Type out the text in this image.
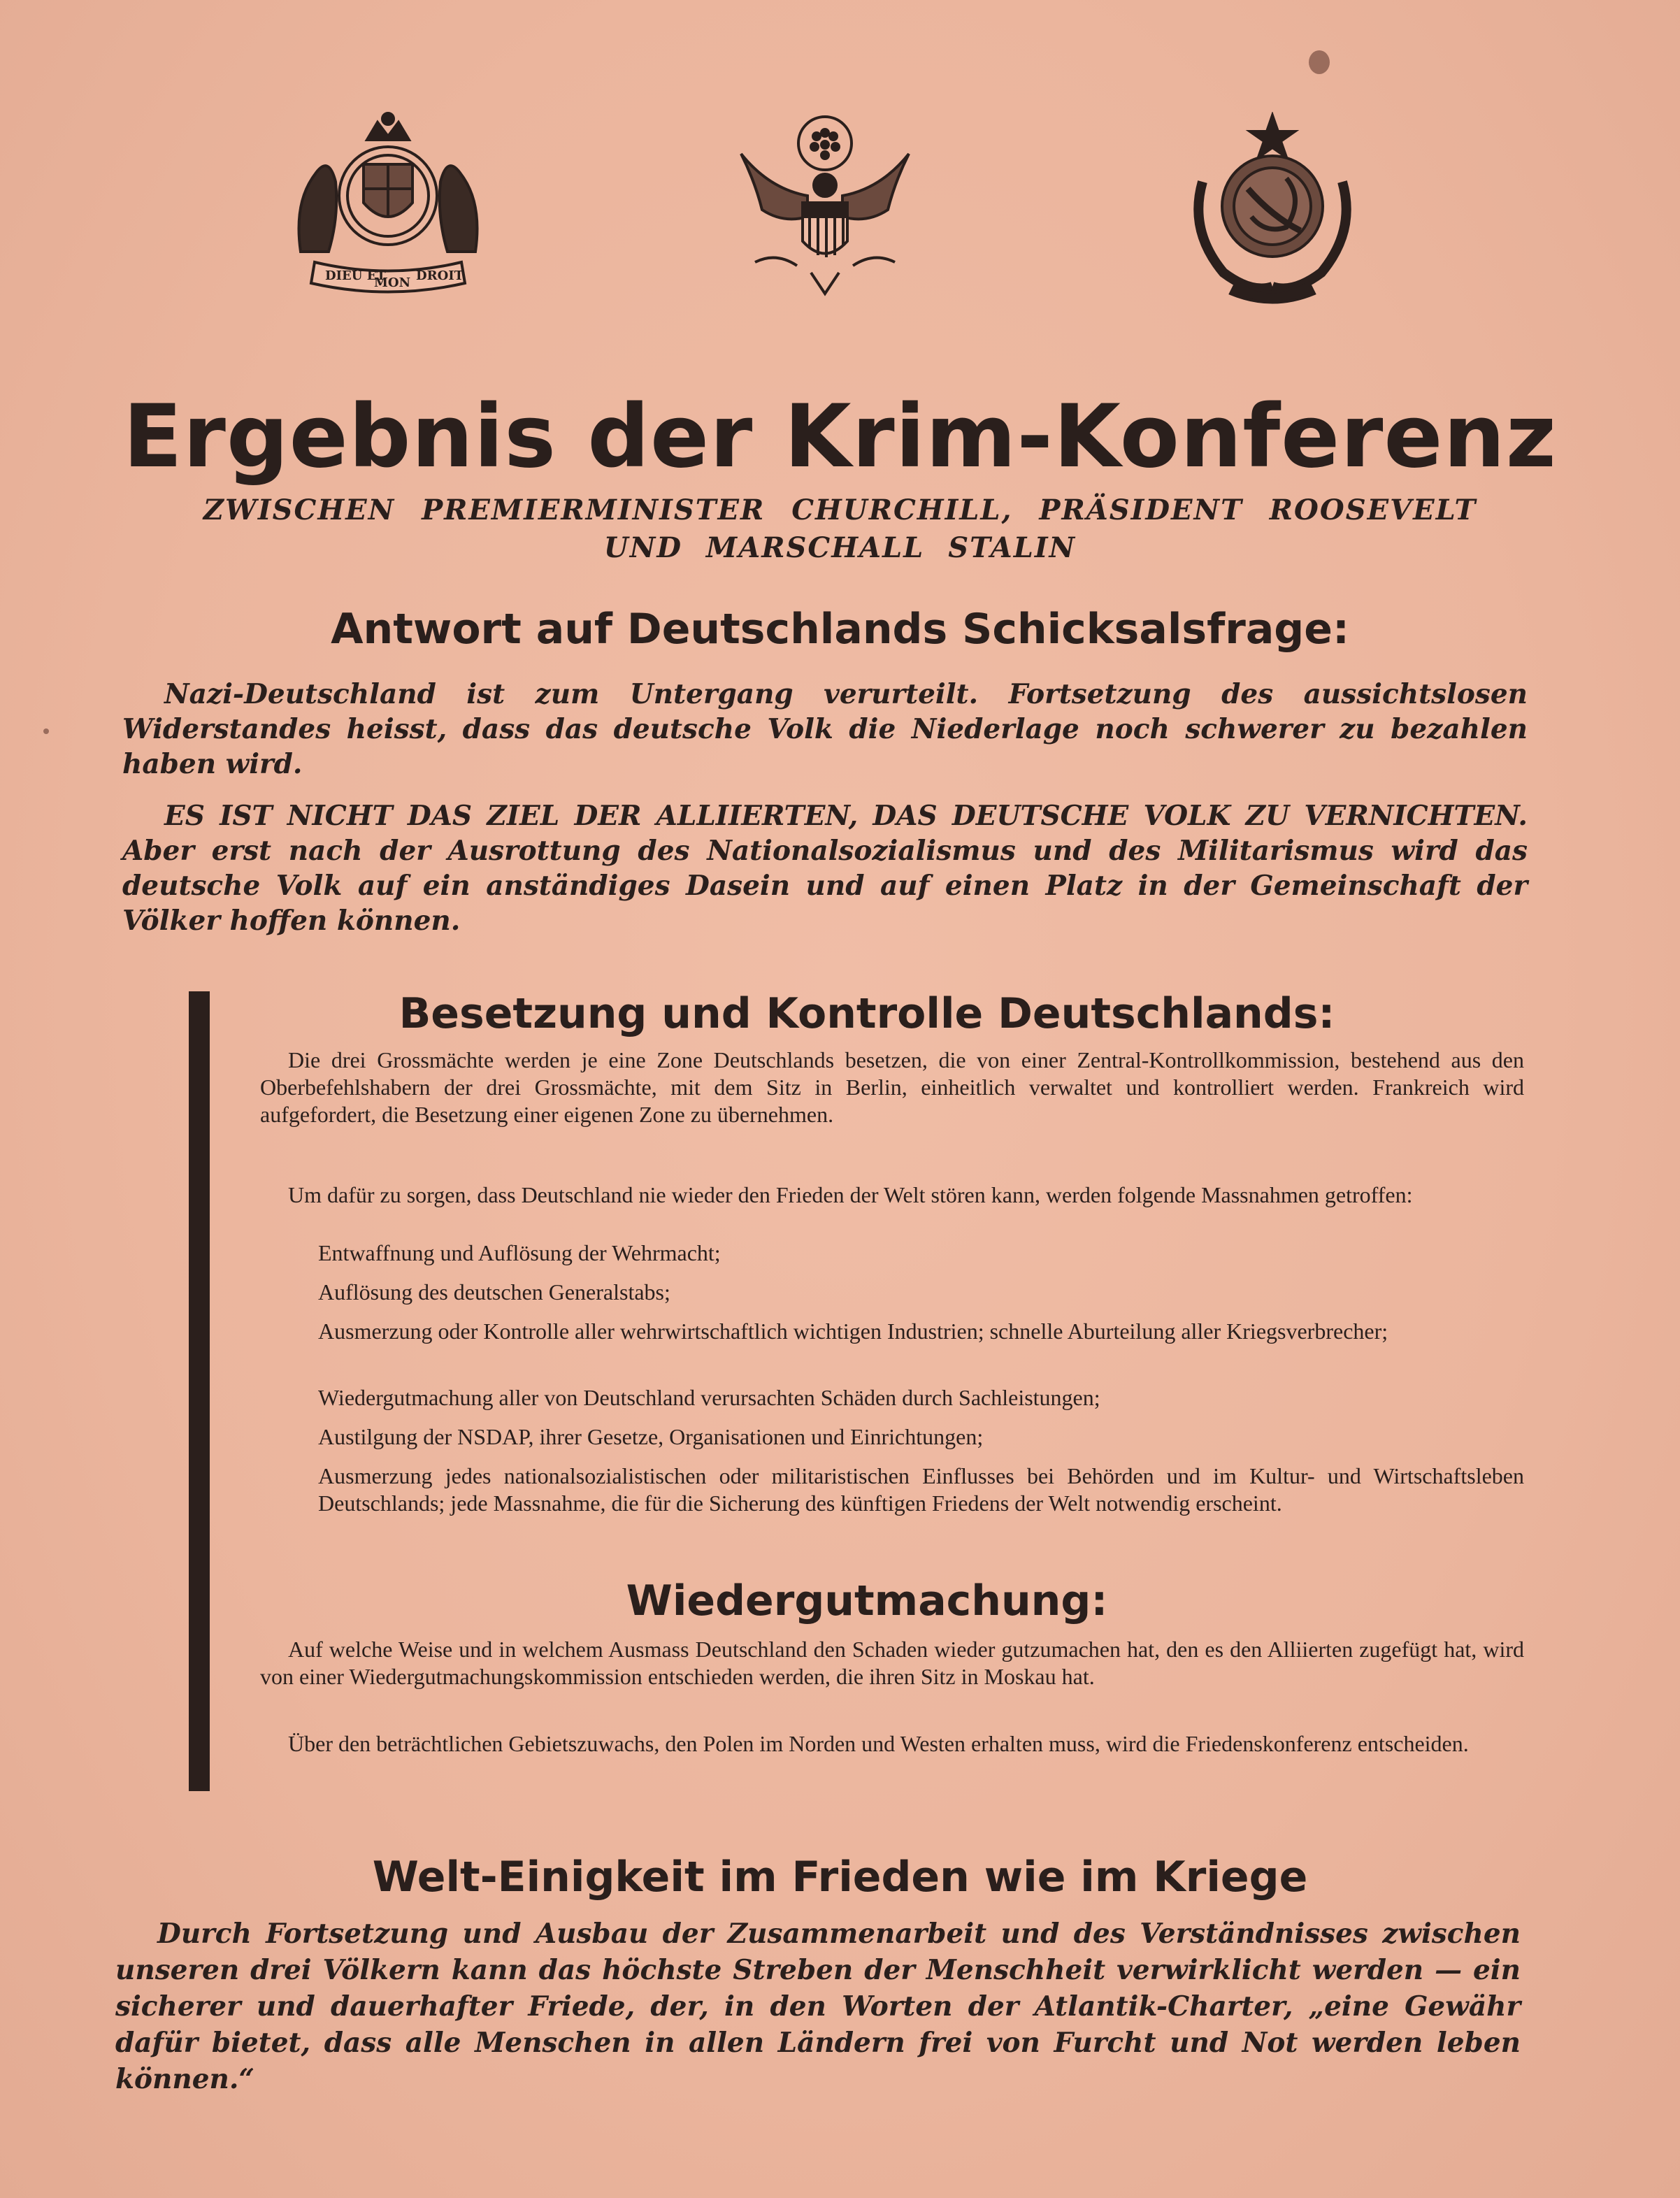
DIEU ET
MON DROIT
Ergebnis der Krim-Konferenz
ZWISCHEN PREMIERMINISTER CHURCHILL, PRÄSIDENT ROOSEVELT
UND MARSCHALL STALIN
Antwort auf Deutschlands Schicksalsfrage:

Nazi-Deutschland ist zum Untergang verurteilt. Fortsetzung des aussichtslosen Widerstandes heisst, dass das deutsche Volk die Niederlage noch schwerer zu bezahlen haben wird.

ES IST NICHT DAS ZIEL DER ALLIIERTEN, DAS DEUTSCHE VOLK ZU VERNICHTEN. Aber erst nach der Ausrottung des Nationalsozialismus und des Militarismus wird das deutsche Volk auf ein anständiges Dasein und auf einen Platz in der Gemeinschaft der Völker hoffen können.

Besetzung und Kontrolle Deutschlands:

Die drei Grossmächte werden je eine Zone Deutschlands besetzen, die von einer Zentral-Kontrollkommission, bestehend aus den Oberbefehlshabern der drei Grossmächte, mit dem Sitz in Berlin, einheitlich verwaltet und kontrolliert werden. Frankreich wird aufgefordert, die Besetzung einer eigenen Zone zu übernehmen.

Um dafür zu sorgen, dass Deutschland nie wieder den Frieden der Welt stören kann, werden folgende Massnahmen getroffen:

Entwaffnung und Auflösung der Wehrmacht;

Auflösung des deutschen Generalstabs;

Ausmerzung oder Kontrolle aller wehrwirtschaftlich wichtigen Industrien; schnelle Aburteilung aller Kriegsverbrecher;

Wiedergutmachung aller von Deutschland verursachten Schäden durch Sachleistungen;

Austilgung der NSDAP, ihrer Gesetze, Organisationen und Einrichtungen;

Ausmerzung jedes nationalsozialistischen oder militaristischen Einflusses bei Behörden und im Kultur- und Wirtschaftsleben Deutschlands; jede Massnahme, die für die Sicherung des künftigen Friedens der Welt notwendig erscheint.

Wiedergutmachung:

Auf welche Weise und in welchem Ausmass Deutschland den Schaden wieder gutzumachen hat, den es den Alliierten zugefügt hat, wird von einer Wiedergutmachungskommission entschieden werden, die ihren Sitz in Moskau hat.

Über den beträchtlichen Gebietszuwachs, den Polen im Norden und Westen erhalten muss, wird die Friedenskonferenz entscheiden.

Welt-Einigkeit im Frieden wie im Kriege

Durch Fortsetzung und Ausbau der Zusammenarbeit und des Verständnisses zwischen unseren drei Völkern kann das höchste Streben der Menschheit verwirklicht werden — ein sicherer und dauerhafter Friede, der, in den Worten der Atlantik-Charter, „eine Gewähr dafür bietet, dass alle Menschen in allen Ländern frei von Furcht und Not werden leben können.“
